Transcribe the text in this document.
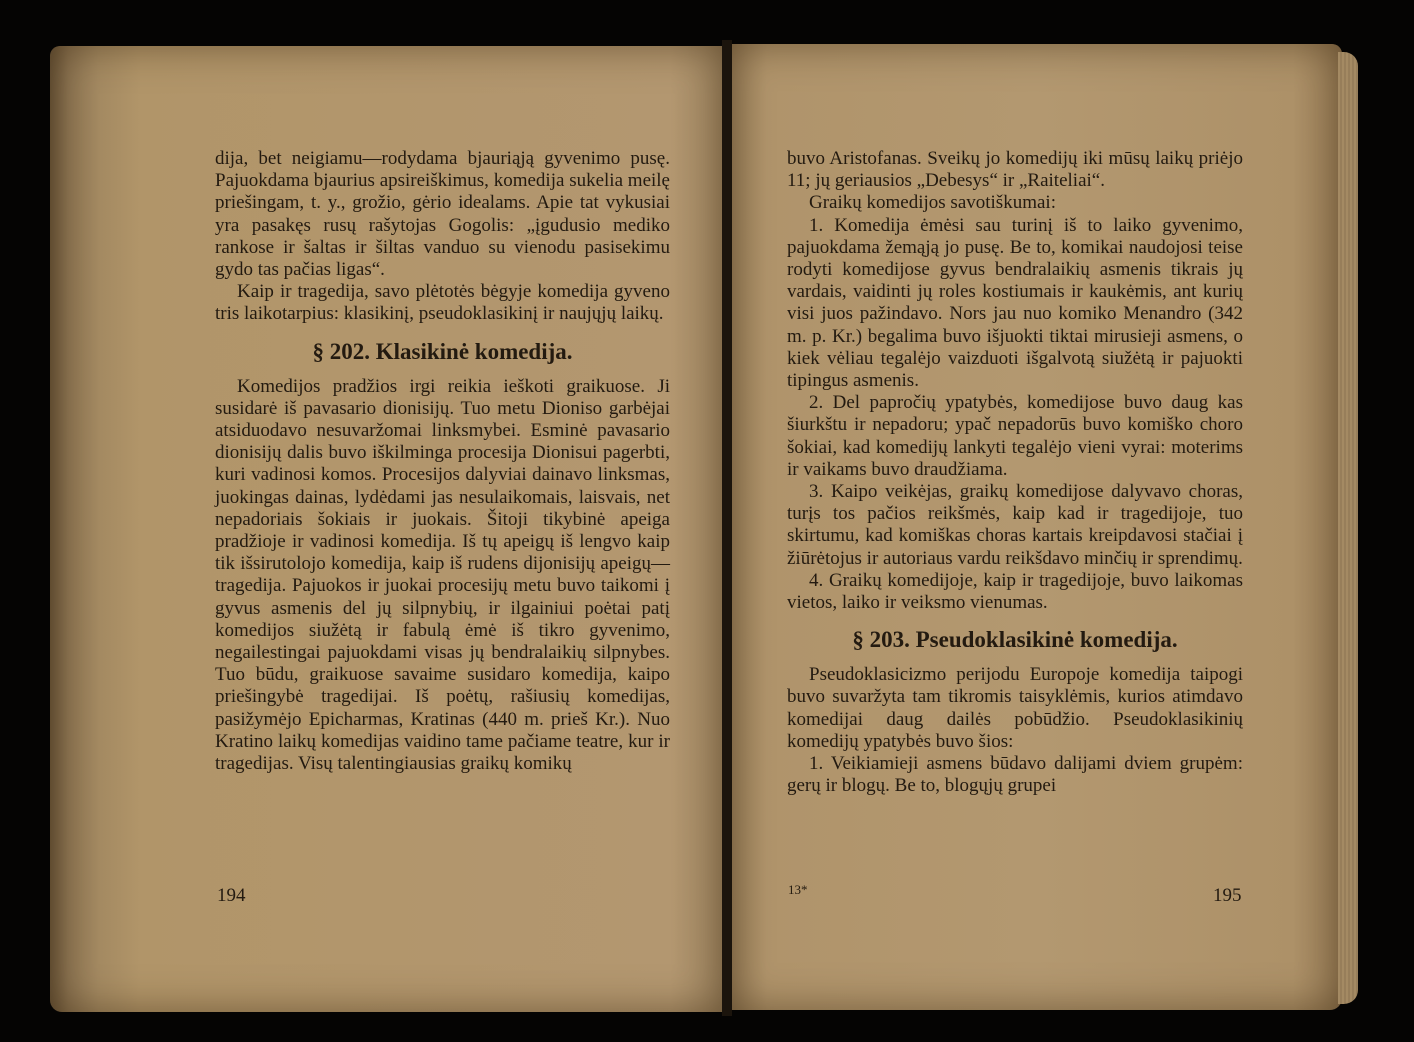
dija, bet neigiamu—rodydama bjauriąją gyvenimo pusę. Pajuokdama bjaurius apsireiškimus, komedija sukelia meilę priešingam, t. y., grožio, gėrio idealams. Apie tat vykusiai yra pasakęs rusų rašytojas Gogolis: „įgudusio mediko rankose ir šaltas ir šiltas vanduo su vienodu pasisekimu gydo tas pačias ligas“.

Kaip ir tragedija, savo plėtotės bėgyje komedija gyveno tris laikotarpius: klasikinį, pseudoklasikinį ir naujųjų laikų.

§ 202. Klasikinė komedija.

Komedijos pradžios irgi reikia ieškoti graikuose. Ji susidarė iš pavasario dionisijų. Tuo metu Dioniso garbėjai atsiduodavo nesuvaržomai linksmybei. Esminė pavasario dionisijų dalis buvo iškilminga procesija Dionisui pagerbti, kuri vadinosi komos. Procesijos dalyviai dainavo linksmas, juokingas dainas, lydėdami jas nesulaikomais, laisvais, net nepadoriais šokiais ir juokais. Šitoji tikybinė apeiga pradžioje ir vadinosi komedija. Iš tų apeigų iš lengvo kaip tik išsirutolojo komedija, kaip iš rudens dijonisijų apeigų—tragedija. Pajuokos ir juokai procesijų metu buvo taikomi į gyvus asmenis del jų silpnybių, ir ilgainiui poėtai patį komedijos siužėtą ir fabulą ėmė iš tikro gyvenimo, negailestingai pajuokdami visas jų bendralaikių silpnybes. Tuo būdu, graikuose savaime susidaro komedija, kaipo priešingybė tragedijai. Iš poėtų, rašiusių komedijas, pasižymėjo Epicharmas, Kratinas (440 m. prieš Kr.). Nuo Kratino laikų komedijas vaidino tame pačiame teatre, kur ir tragedijas. Visų talentingiausias graikų komikų

194

buvo Aristofanas. Sveikų jo komedijų iki mūsų laikų priėjo 11; jų geriausios „Debesys“ ir „Raiteliai“.

Graikų komedijos savotiškumai:

1. Komedija ėmėsi sau turinį iš to laiko gyvenimo, pajuokdama žemąją jo pusę. Be to, komikai naudojosi teise rodyti komedijose gyvus bendralaikių asmenis tikrais jų vardais, vaidinti jų roles kostiumais ir kaukėmis, ant kurių visi juos pažindavo. Nors jau nuo komiko Menandro (342 m. p. Kr.) begalima buvo išjuokti tiktai mirusieji asmens, o kiek vėliau tegalėjo vaizduoti išgalvotą siužėtą ir pajuokti tipingus asmenis.

2. Del papročių ypatybės, komedijose buvo daug kas šiurkštu ir nepadoru; ypač nepadorūs buvo komiško choro šokiai, kad komedijų lankyti tegalėjo vieni vyrai: moterims ir vaikams buvo draudžiama.

3. Kaipo veikėjas, graikų komedijose dalyvavo choras, turįs tos pačios reikšmės, kaip kad ir tragedijoje, tuo skirtumu, kad komiškas choras kartais kreipdavosi stačiai į žiūrėtojus ir autoriaus vardu reikšdavo minčių ir sprendimų.

4. Graikų komedijoje, kaip ir tragedijoje, buvo laikomas vietos, laiko ir veiksmo vienumas.

§ 203. Pseudoklasikinė komedija.

Pseudoklasicizmo perijodu Europoje komedija taipogi buvo suvaržyta tam tikromis taisyklėmis, kurios atimdavo komedijai daug dailės pobūdžio. Pseudoklasikinių komedijų ypatybės buvo šios:

1. Veikiamieji asmens būdavo dalijami dviem grupėm: gerų ir blogų. Be to, blogųjų grupei

13*	195
